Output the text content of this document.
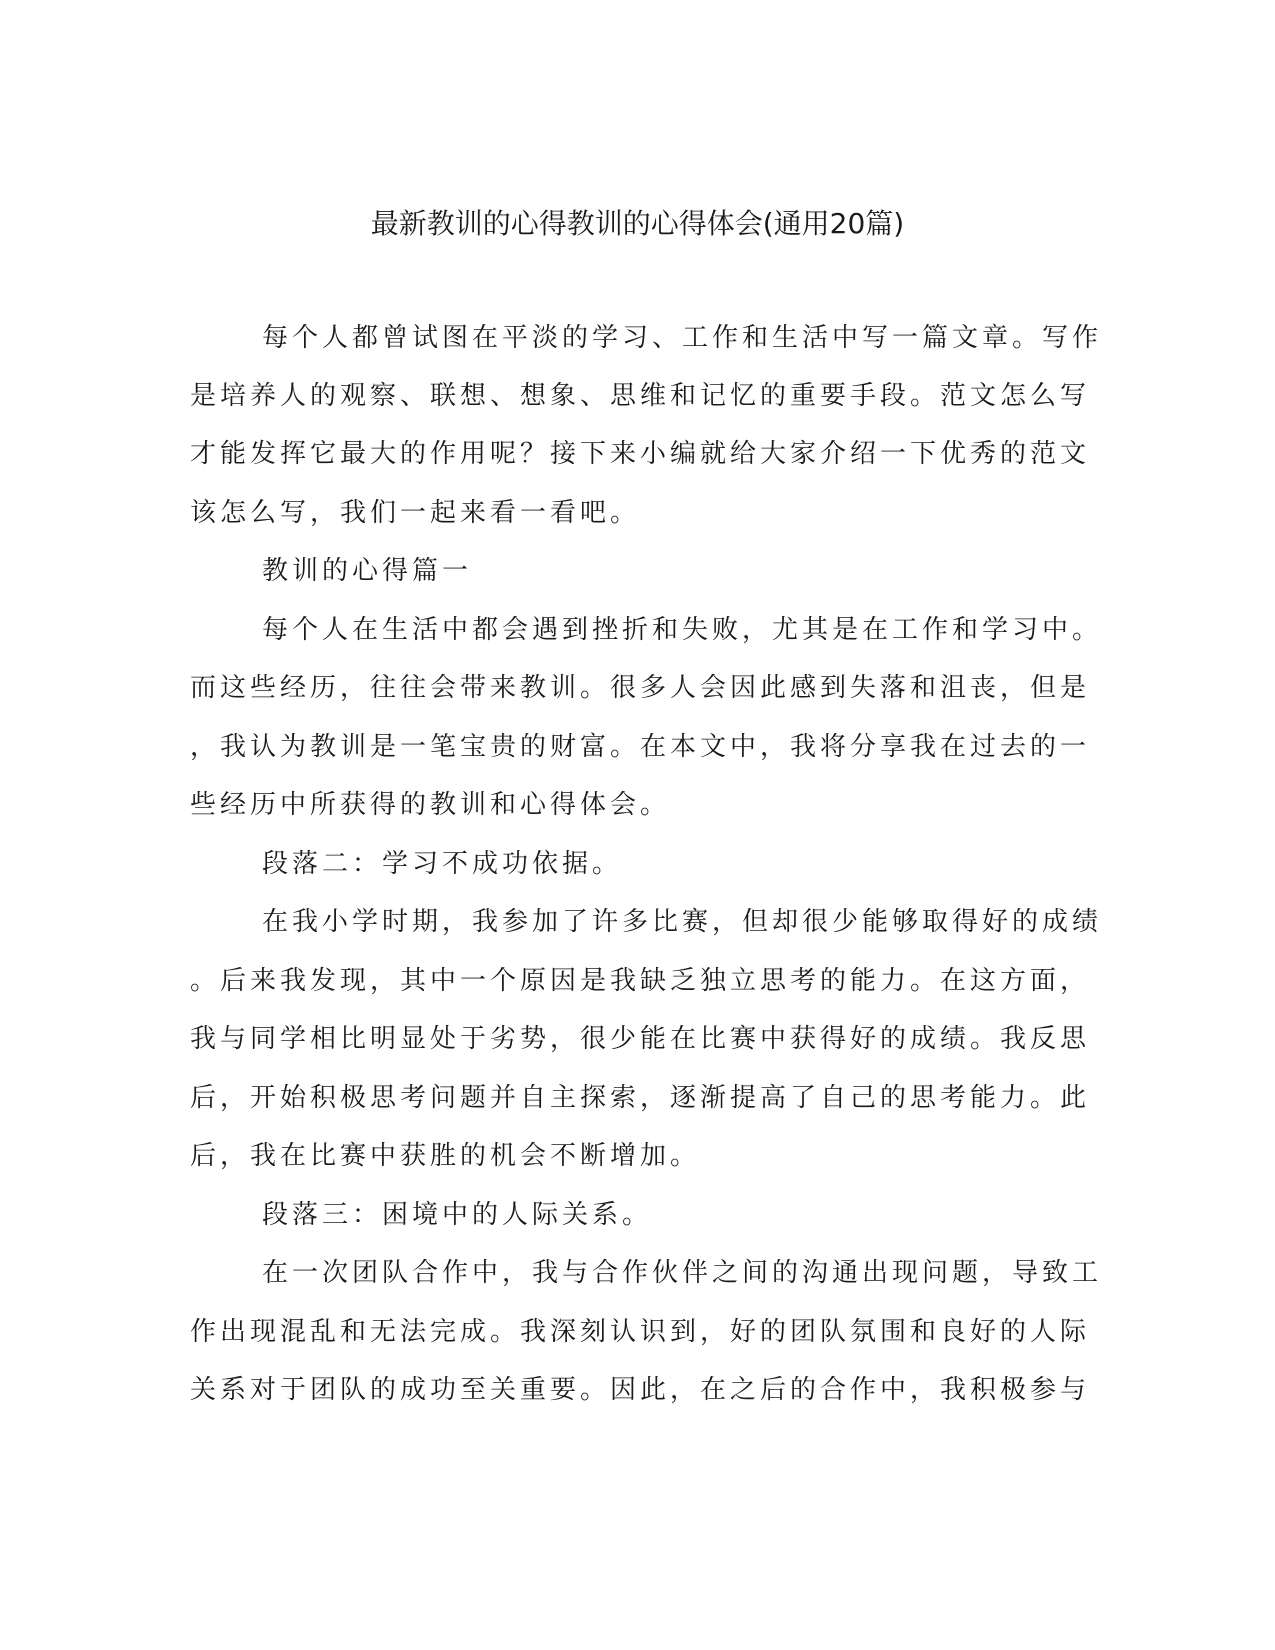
最新教训的心得教训的心得体会(通用20篇)
每个人都曾试图在平淡的学习、工作和生活中写一篇文章。写作
是培养人的观察、联想、想象、思维和记忆的重要手段。范文怎么写
才能发挥它最大的作用呢？接下来小编就给大家介绍一下优秀的范文
该怎么写，我们一起来看一看吧。
教训的心得篇一
每个人在生活中都会遇到挫折和失败，尤其是在工作和学习中。
而这些经历，往往会带来教训。很多人会因此感到失落和沮丧，但是
，我认为教训是一笔宝贵的财富。在本文中，我将分享我在过去的一
些经历中所获得的教训和心得体会。
段落二：学习不成功依据。
在我小学时期，我参加了许多比赛，但却很少能够取得好的成绩
。后来我发现，其中一个原因是我缺乏独立思考的能力。在这方面，
我与同学相比明显处于劣势，很少能在比赛中获得好的成绩。我反思
后，开始积极思考问题并自主探索，逐渐提高了自己的思考能力。此
后，我在比赛中获胜的机会不断增加。
段落三：困境中的人际关系。
在一次团队合作中，我与合作伙伴之间的沟通出现问题，导致工
作出现混乱和无法完成。我深刻认识到，好的团队氛围和良好的人际
关系对于团队的成功至关重要。因此，在之后的合作中，我积极参与
